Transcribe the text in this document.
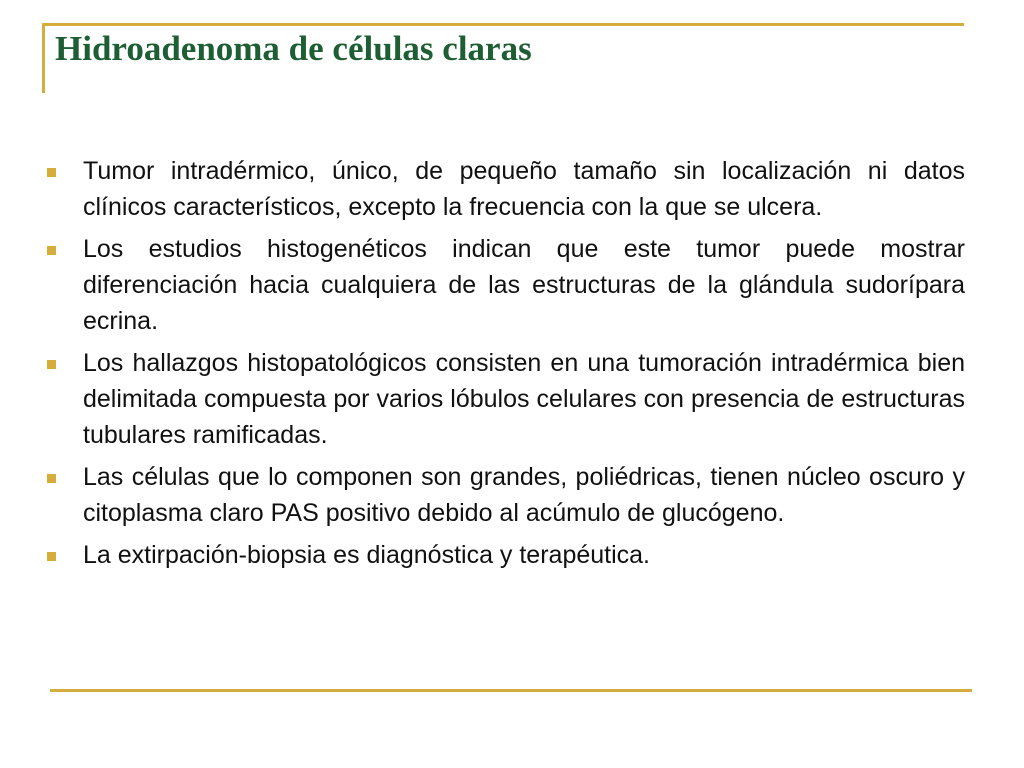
Hidroadenoma de células claras
Tumor intradérmico, único, de pequeño tamaño sin localización ni datos clínicos característicos, excepto la frecuencia con la que se ulcera.
Los estudios histogenéticos indican que este tumor puede mostrar diferenciación hacia cualquiera de las estructuras de la glándula sudorípara ecrina.
Los hallazgos histopatológicos consisten en una tumoración intradérmica bien delimitada compuesta por varios lóbulos celulares con presencia de estructuras tubulares ramificadas.
Las células que lo componen son grandes, poliédricas, tienen núcleo oscuro y citoplasma claro PAS positivo debido al acúmulo de glucógeno.
La extirpación-biopsia es diagnóstica y terapéutica.
